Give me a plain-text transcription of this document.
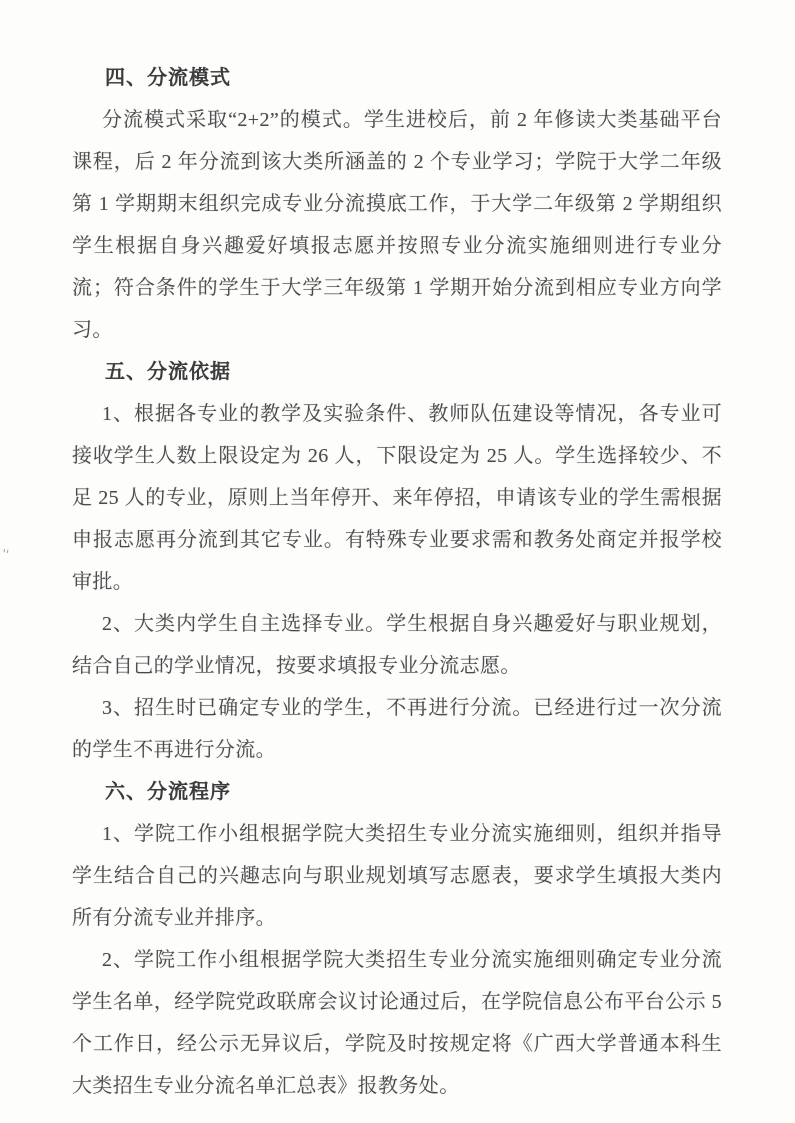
''
四、分流模式

分流模式采取“2+2”的模式。学生进校后，前 2 年修读大类基础平台课程，后 2 年分流到该大类所涵盖的 2 个专业学习；学院于大学二年级第 1 学期期末组织完成专业分流摸底工作，于大学二年级第 2 学期组织学生根据自身兴趣爱好填报志愿并按照专业分流实施细则进行专业分流；符合条件的学生于大学三年级第 1 学期开始分流到相应专业方向学习。

五、分流依据

1、根据各专业的教学及实验条件、教师队伍建设等情况，各专业可接收学生人数上限设定为 26 人，下限设定为 25 人。学生选择较少、不足 25 人的专业，原则上当年停开、来年停招，申请该专业的学生需根据申报志愿再分流到其它专业。有特殊专业要求需和教务处商定并报学校审批。

2、大类内学生自主选择专业。学生根据自身兴趣爱好与职业规划，结合自己的学业情况，按要求填报专业分流志愿。

3、招生时已确定专业的学生，不再进行分流。已经进行过一次分流的学生不再进行分流。

六、分流程序

1、学院工作小组根据学院大类招生专业分流实施细则，组织并指导学生结合自己的兴趣志向与职业规划填写志愿表，要求学生填报大类内所有分流专业并排序。

2、学院工作小组根据学院大类招生专业分流实施细则确定专业分流学生名单，经学院党政联席会议讨论通过后，在学院信息公布平台公示 5 个工作日，经公示无异议后，学院及时按规定将《广西大学普通本科生大类招生专业分流名单汇总表》报教务处。
